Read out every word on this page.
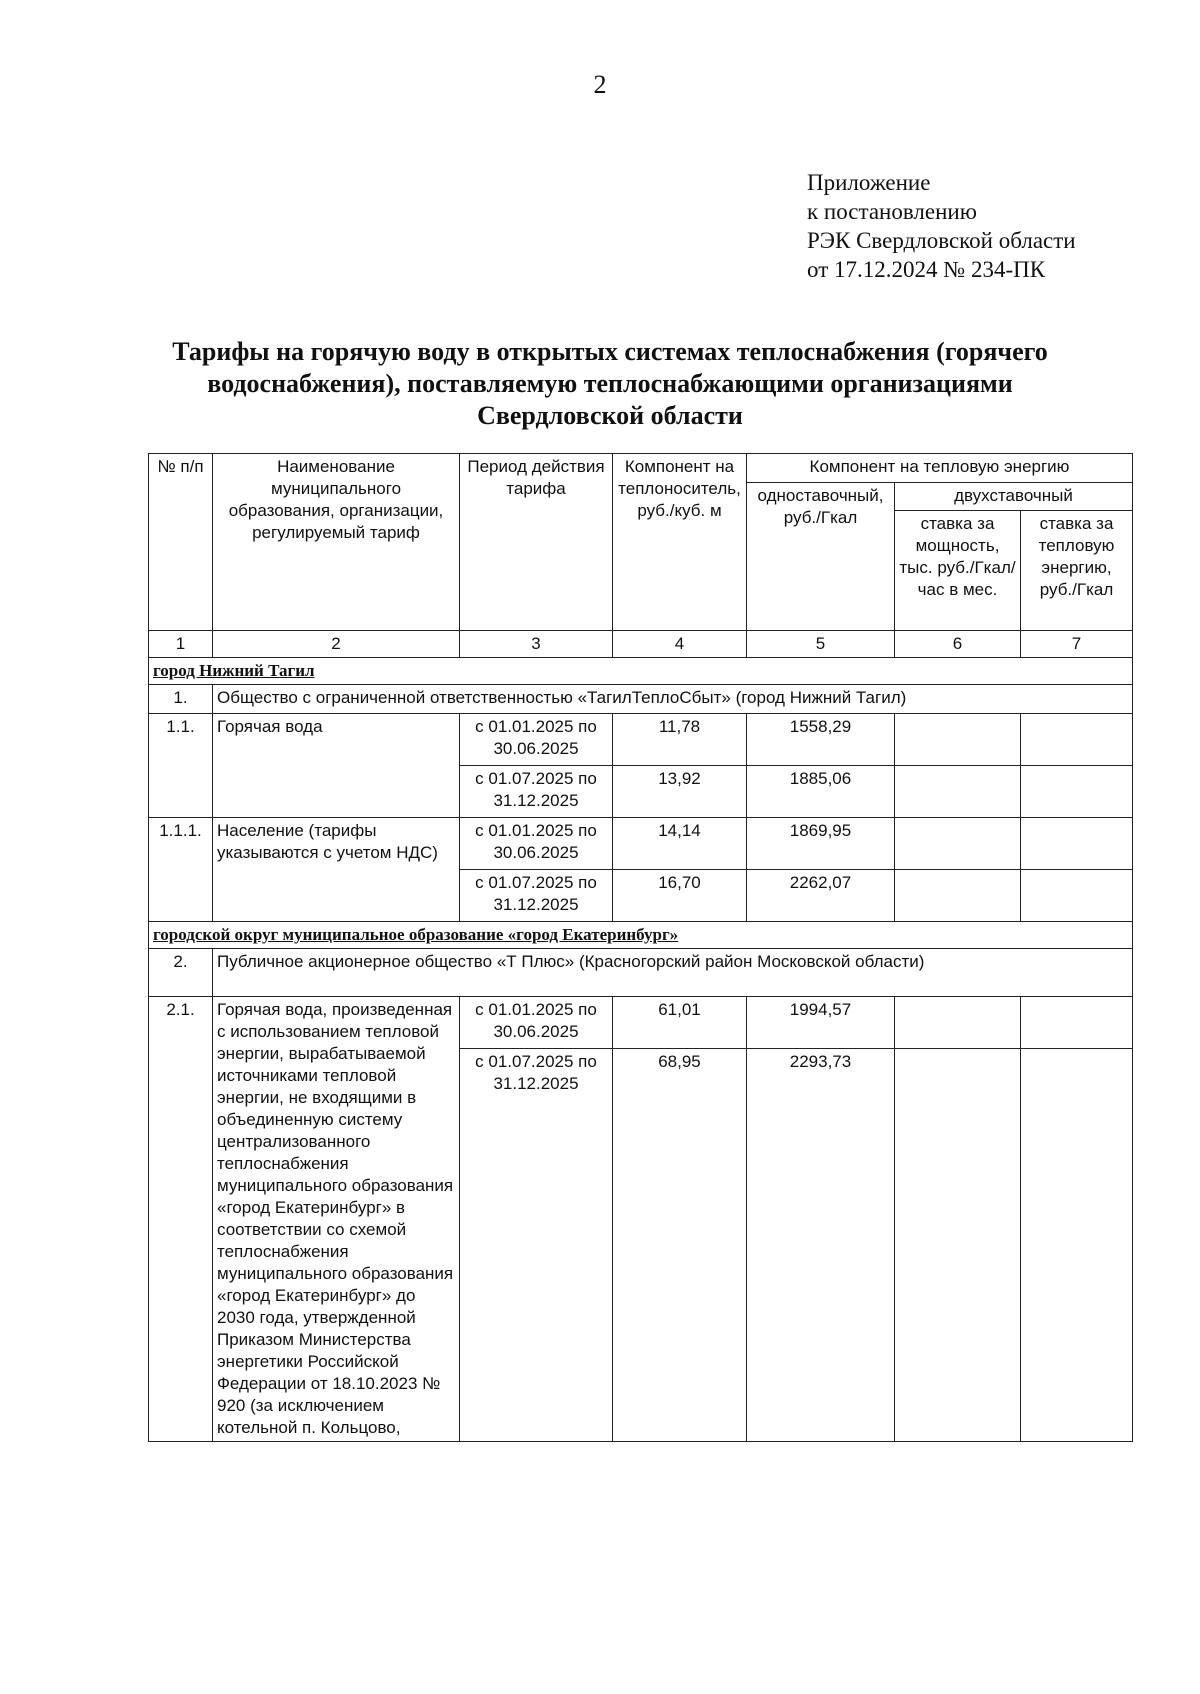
2
Приложение
к постановлению
РЭК Свердловской области
от 17.12.2024 № 234-ПК
Тарифы на горячую воду в открытых системах теплоснабжения (горячего водоснабжения), поставляемую теплоснабжающими организациями Свердловской области
№ п/п	Наименование муниципального образования, организации, регулируемый тариф	Период действия тарифа	Компонент на теплоноситель, руб./куб. м	Компонент на тепловую энергию		
				одноставочный, руб./Гкал	двухставочный	
					ставка за мощность, тыс. руб./Гкал/час в мес.	ставка за тепловую энергию, руб./Гкал
1	2	3	4	5	6	7
город Нижний Тагил						
1.	Общество с ограниченной ответственностью «ТагилТеплоСбыт» (город Нижний Тагил)					
1.1.	Горячая вода	с 01.01.2025 по 30.06.2025	11,78	1558,29		
		с 01.07.2025 по 31.12.2025	13,92	1885,06		
1.1.1.	Население (тарифы указываются с учетом НДС)	с 01.01.2025 по 30.06.2025	14,14	1869,95		
		с 01.07.2025 по 31.12.2025	16,70	2262,07		
городской округ муниципальное образование «город Екатеринбург»						
2.	Публичное акционерное общество «Т Плюс» (Красногорский район Московской области)					
2.1.	Горячая вода, произведенная с использованием тепловой энергии, вырабатываемой источниками тепловой энергии, не входящими в объединенную систему централизованного теплоснабжения муниципального образования «город Екатеринбург» в соответствии со схемой теплоснабжения муниципального образования «город Екатеринбург» до 2030 года, утвержденной Приказом Министерства энергетики Российской Федерации от 18.10.2023 № 920 (за исключением котельной п. Кольцово,	с 01.01.2025 по 30.06.2025	61,01	1994,57		
		с 01.07.2025 по 31.12.2025	68,95	2293,73		
